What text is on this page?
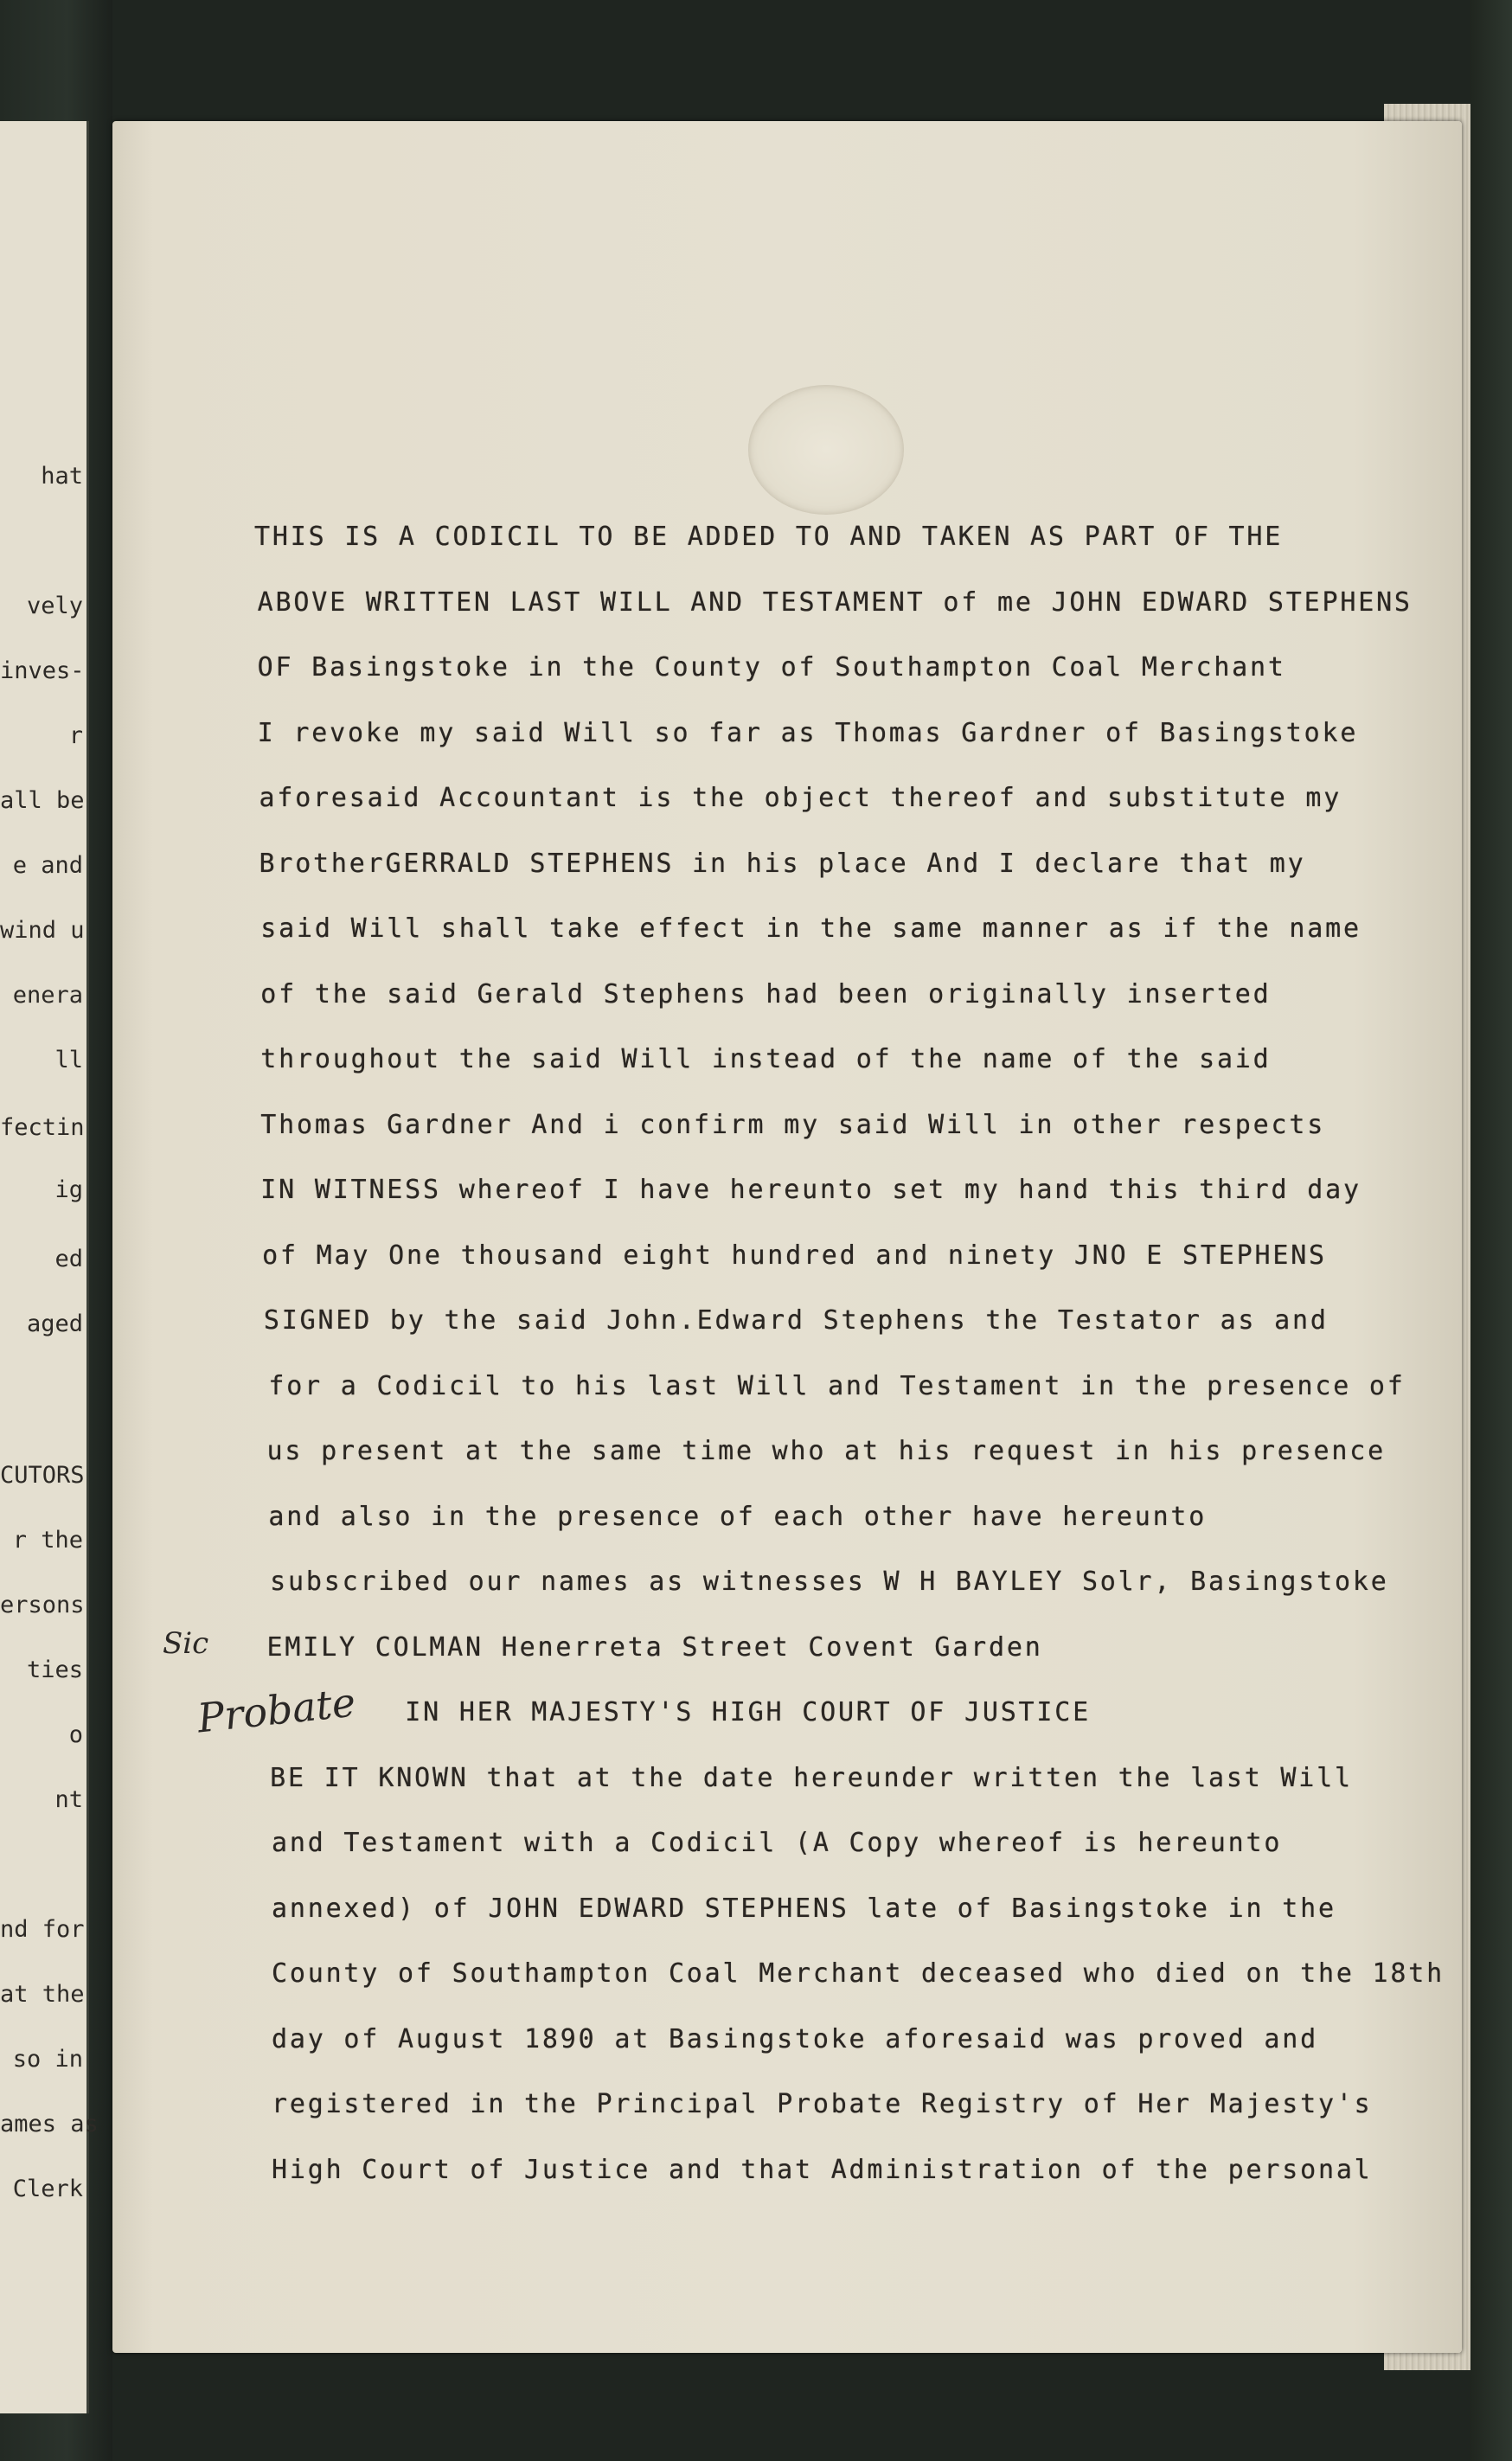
hat
vely
inves-
r
all be
e and
wind u
enera
ll
fectin
ig
ed
aged
CUTORS
r the
ersons
ties
o
nt
nd for
at the
so in
ames as
Clerk
THIS IS A CODICIL TO BE ADDED TO AND TAKEN AS PART OF THE
ABOVE WRITTEN LAST WILL AND TESTAMENT of me JOHN EDWARD STEPHENS
OF Basingstoke in the County of Southampton Coal Merchant
I revoke my said Will so far as Thomas Gardner of Basingstoke
aforesaid Accountant is the object thereof and substitute my
BrotherGERRALD STEPHENS in his place And I declare that my
said Will shall take effect in the same manner as if the name
of the said Gerald Stephens had been originally inserted
throughout the said Will instead of the name of the said
Thomas Gardner And i confirm my said Will in other respects
IN WITNESS whereof I have hereunto set my hand this third day
of May One thousand eight hundred and ninety JNO E STEPHENS
SIGNED by the said John.Edward Stephens the Testator as and
for a Codicil to his last Will and Testament in the presence of
us present at the same time who at his request in his presence
and also in the presence of each other have hereunto
subscribed our names as witnesses W H BAYLEY Solr, Basingstoke
EMILY COLMAN Henerreta Street Covent Garden
IN HER MAJESTY'S HIGH COURT OF JUSTICE
BE IT KNOWN that at the date hereunder written the last Will
and Testament with a Codicil (A Copy whereof is hereunto
annexed) of JOHN EDWARD STEPHENS late of Basingstoke in the
County of Southampton Coal Merchant deceased who died on the 18th
day of August 1890 at Basingstoke aforesaid was proved and
registered in the Principal Probate Registry of Her Majesty's
High Court of Justice and that Administration of the personal
Sic
Probate
